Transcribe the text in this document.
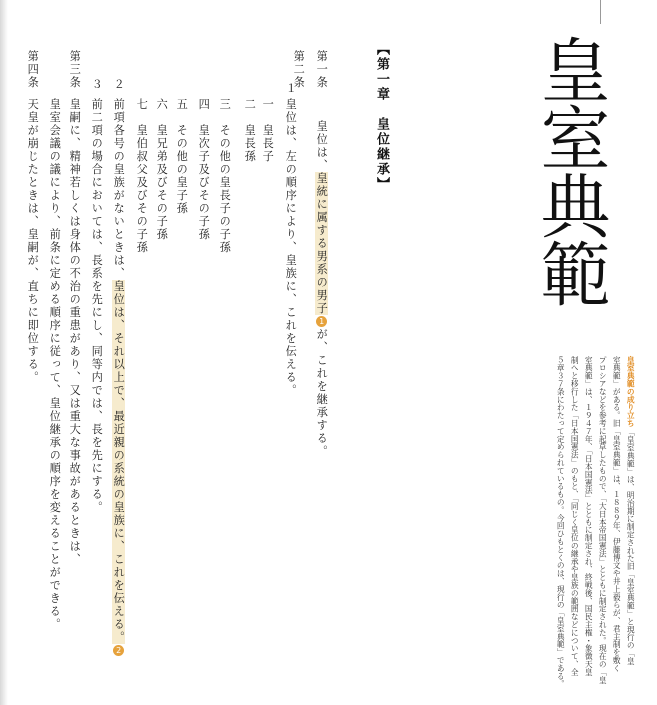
【第一章　皇位継承】
第一条
皇位は、皇統に属する男系の男子1が、これを継承する。
第二条
１
皇位は、左の順序により、皇族に、これを伝える。
一　皇長子
二　皇長孫
三　その他の皇長子の子孫
四　皇次子及びその子孫
五　その他の皇子孫
六　皇兄弟及びその子孫
七　皇伯叔父及びその子孫
２
前項各号の皇族がないときは、皇位は、それ以上で、最近親の系統の皇族に、これを伝える。2
３
前二項の場合においては、長系を先にし、同等内では、長を先にする。
第三条
皇嗣に、精神若しくは身体の不治の重患があり、又は重大な事故があるときは、
皇室会議の議により、前条に定める順序に従って、皇位継承の順序を変えることができる。
第四条
天皇が崩じたときは、皇嗣が、直ちに即位する。	皇室典範
皇室典範の成り立ち
「皇室典範」は、明治期に制定された旧「皇室典範」と現行の「皇
室典範」がある。旧「皇室典範」は、１８８９年、伊藤博文や井上毅らが、君主制を敷く
プロシアなどを参考に起草したもので、「大日本帝国憲法」とともに制定された。現在の「皇
室典範」は、１９４７年、「日本国憲法」とともに制定され、終戦後、国民主権・象徴天皇
制へと移行した「日本国憲法」のもと、「同じく皇位の継承や皇族の範囲などについて、全
５章３７条にわたって定められているもの。今回ひもとくのは、現行の「皇室典範」である。
